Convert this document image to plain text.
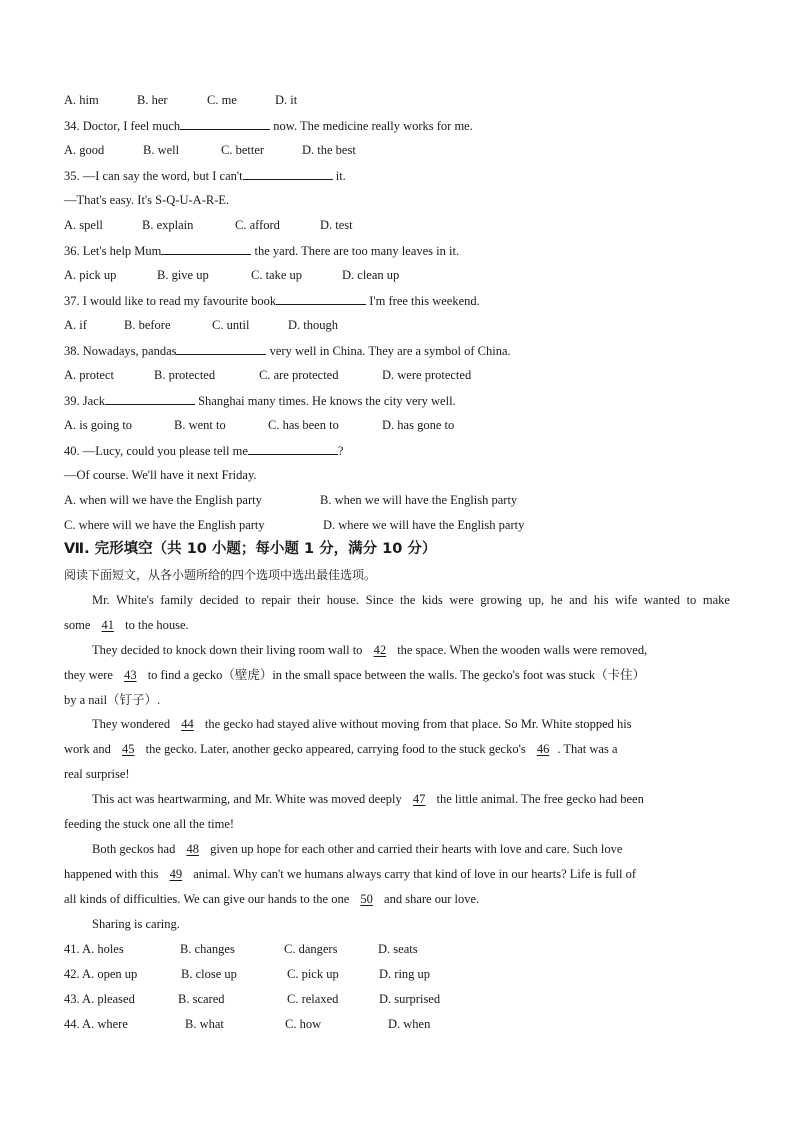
A. him	B. her	C. me	D. it
34. Doctor, I feel much	now. The medicine really works for me.
A. good	B. well	C. better	D. the best
35. —I can say the word, but I can't	it.
—That's easy. It's S-Q-U-A-R-E.
A. spell	B. explain	C. afford	D. test
36. Let's help Mum	the yard. There are too many leaves in it.
A. pick up	B. give up	C. take up	D. clean up
37. I would like to read my favourite book	I'm free this weekend.
A. if	B. before	C. until	D. though
38. Nowadays, pandas	very well in China. They are a symbol of China.
A. protect	B. protected	C. are protected	D. were protected
39. Jack	Shanghai many times. He knows the city very well.
A. is going to	B. went to	C. has been to	D. has gone to
40. —Lucy, could you please tell me	?
—Of course. We'll have it next Friday.
A. when will we have the English party	B. when we will have the English party
C. where will we have the English party	D. where we will have the English party
Ⅶ. 完形填空（共 10 小题；每小题 1 分，满分 10 分）
阅读下面短文，从各小题所给的四个选项中选出最佳选项。
Mr. White's family decided to repair their house. Since the kids were growing up, he and his wife wanted to make
some 41 to the house.
They decided to knock down their living room wall to 42 the space. When the wooden walls were removed,
they were 43 to find a gecko（壁虎）in the small space between the walls. The gecko's foot was stuck（卡住）
by a nail（钉子）.
They wondered 44 the gecko had stayed alive without moving from that place. So Mr. White stopped his
work and 45 the gecko. Later, another gecko appeared, carrying food to the stuck gecko's 46 . That was a
real surprise!
This act was heartwarming, and Mr. White was moved deeply 47 the little animal. The free gecko had been
feeding the stuck one all the time!
Both geckos had 48 given up hope for each other and carried their hearts with love and care. Such love
happened with this 49 animal. Why can't we humans always carry that kind of love in our hearts? Life is full of
all kinds of difficulties. We can give our hands to the one 50 and share our love.
Sharing is caring.
41. A. holes	B. changes	C. dangers	D. seats
42. A. open up	B. close up	C. pick up	D. ring up
43. A. pleased	B. scared	C. relaxed	D. surprised
44. A. where	B. what	C. how	D. when
